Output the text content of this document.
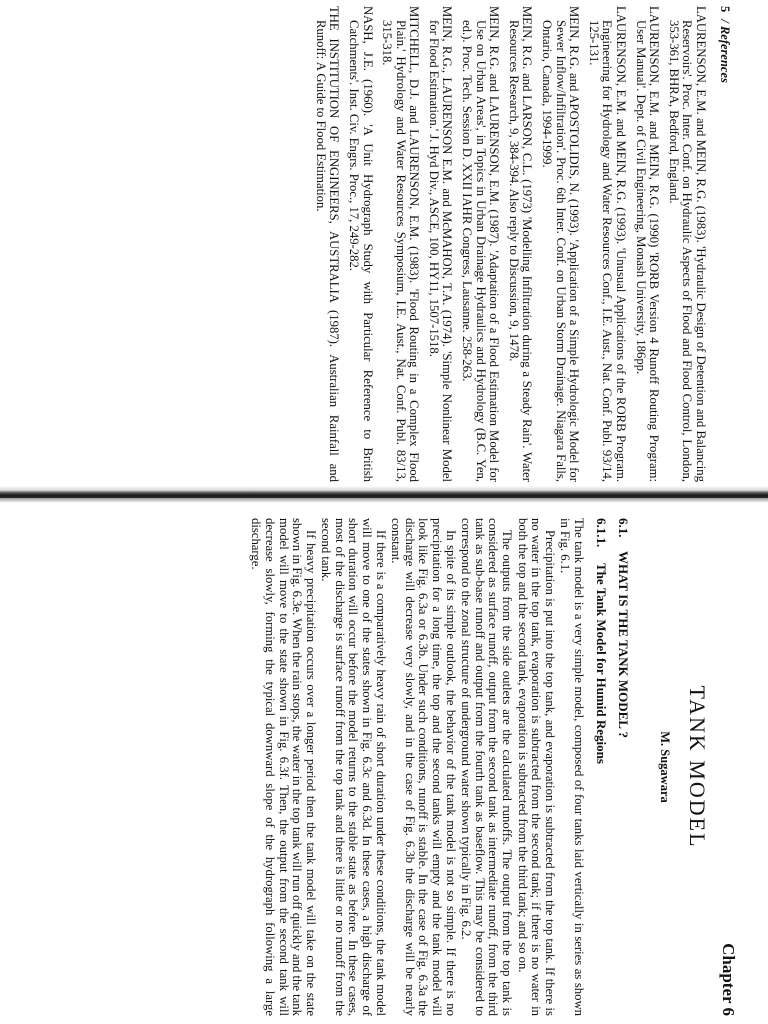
5 / References

LAURENSON, E.M. and MEIN, R.G. (1983). 'Hydraulic Design of Detention and Balancing Reservoirs'. Proc. Inter. Conf. on Hydraulic Aspects of Flood and Flood Control, London, 353-361, BHRA, Bedford, England.

LAURENSON, E.M. and MEIN, R.G. (1990) 'RORB Version 4 Runoff Routing Program: User Manual'. Dept. of Civil Engineering, Monash University, 186pp.

LAURENSON, E.M. and MEIN, R.G. (1993). 'Unusual Applications of the RORB Program. Engineering for Hydrology and Water Resources Conf., I.E. Aust., Nat. Conf. Publ. 93/14, 125-131.

MEIN, R.G. and APOSTOLIDIS, N. (1993). 'Application of a Simple Hydrologic Model for Sewer Inflow/Infiltration'. Proc. 6th Inter. Conf. on Urban Storm Drainage. Niagara Falls, Ontario, Canada, 1994-1999.

MEIN, R.G. and LARSON, C.L. (1973) 'Modelling Infiltration during a Steady Rain'. Water Resources Research, 9, 384-394. Also reply to Discussion, 9, 1478.

MEIN, R.G. and LAURENSON, E.M. (1987). 'Adaptation of a Flood Estimation Model for Use on Urban Areas', in Topics in Urban Drainage Hydraulics and Hydrology (B.C. Yen, ed.). Proc. Tech. Session D. XXII IAHR Congress, Lausanne. 258-263.

MEIN, R.G., LAURENSON E.M. and McMAHON, T.A. (1974). 'Simple Nonlinear Model for Flood Estimation.' J. Hyd Div., ASCE, 100, HY11, 1507-1518.

MITCHELL, D.J. and LAURENSON, E.M. (1983). 'Flood Routing in a Complex Flood Plain.' Hydrology and Water Resources Symposium, I.E. Aust., Nat. Conf. Publ. 83/13, 315-318.

NASH, J.E. (1960). 'A Unit Hydrograph Study with Particular Reference to British Catchments'. Inst. Civ. Engrs. Proc., 17, 249-282.

THE INSTITUTION OF ENGINEERS, AUSTRALIA (1987). Australian Rainfall and Runoff: A Guide to Flood Estimation.

Chapter 6
TANK MODEL
M. Sugawara
6.1. WHAT IS THE TANK MODEL ?
6.1.1. The Tank Model for Humid Regions

The tank model is a very simple model, composed of four tanks laid vertically in series as shown in Fig. 6.1.

Precipitation is put into the top tank, and evaporation is subtracted from the top tank. If there is no water in the top tank, evaporation is subtracted from the second tank; if there is no water in both the top and the second tank, evaporation is subtracted from the third tank; and so on.

The outputs from the side outlets are the calculated runoffs. The output from the top tank is considered as surface runoff, output from the second tank as intermediate runoff, from the third tank as sub-base runoff and output from the fourth tank as baseflow. This may be considered to correspond to the zonal structure of underground water shown typically in Fig. 6.2.

In spite of its simple outlook, the behavior of the tank model is not so simple. If there is no precipitation for a long time, the top and the second tanks will empty and the tank model will look like Fig. 6.3a or 6.3b. Under such conditions, runoff is stable. In the case of Fig. 6.3a the discharge will decrease very slowly, and in the case of Fig. 6.3b the discharge will be nearly constant.

If there is a comparatively heavy rain of short duration under these conditions, the tank model will move to one of the states shown in Fig. 6.3c and 6.3d. In these cases, a high discharge of short duration will occur before the model returns to the stable state as before. In these cases, most of the discharge is surface runoff from the top tank and there is little or no runoff from the second tank.

If heavy precipitation occurs over a longer period then the tank model will take on the state shown in Fig. 6.3e. When the rain stops, the water in the top tank will run off quickly and the tank model will move to the state shown in Fig. 6.3f. Then, the output from the second tank will decrease slowly, forming the typical downward slope of the hydrograph following a large discharge.
